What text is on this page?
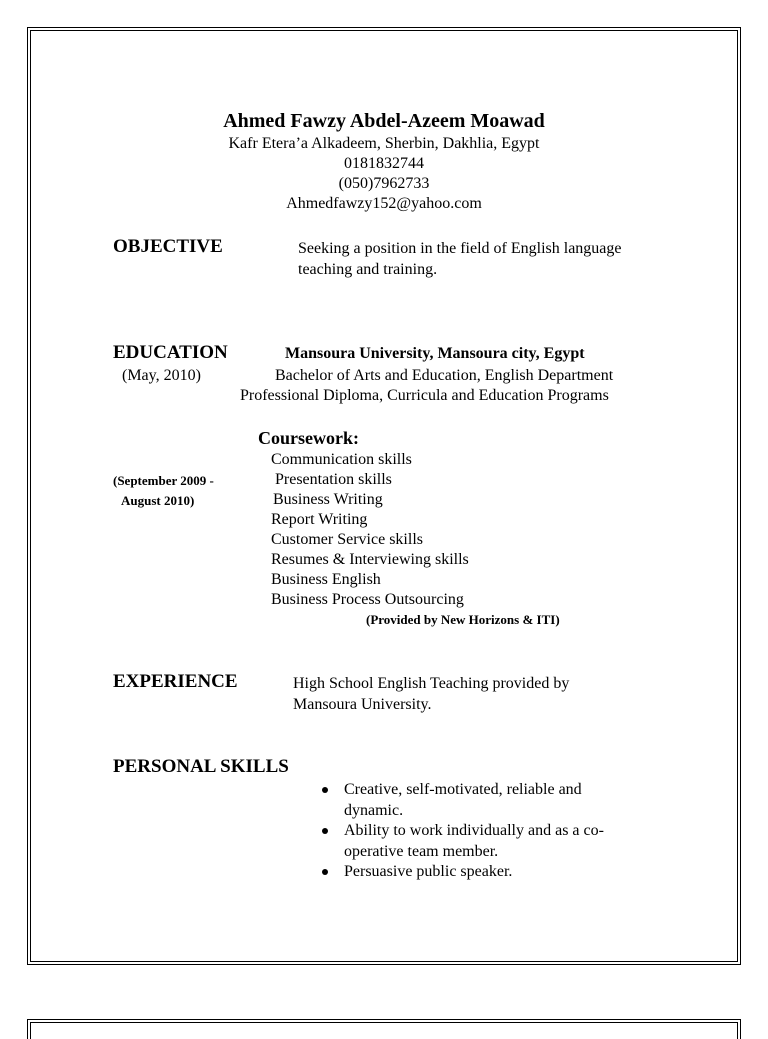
Ahmed Fawzy Abdel-Azeem Moawad
Kafr Etera’a Alkadeem, Sherbin, Dakhlia, Egypt
0181832744
(050)7962733
Ahmedfawzy152@yahoo.com
OBJECTIVE	Seeking a position in the field of English language
teaching and training.
EDUCATION	Mansoura University, Mansoura city, Egypt
(May, 2010)	Bachelor of Arts and Education, English Department
Professional Diploma, Curricula and Education Programs
Coursework:
(September 2009 -
August 2010)
Communication skills
Presentation skills
Business Writing
Report Writing
Customer Service skills
Resumes & Interviewing skills
Business English
Business Process Outsourcing
(Provided by New Horizons & ITI)
EXPERIENCE	High School English Teaching provided by
Mansoura University.
PERSONAL SKILLS
Creative, self-motivated, reliable and
dynamic.
Ability to work individually and as a co-
operative team member.
Persuasive public speaker.
